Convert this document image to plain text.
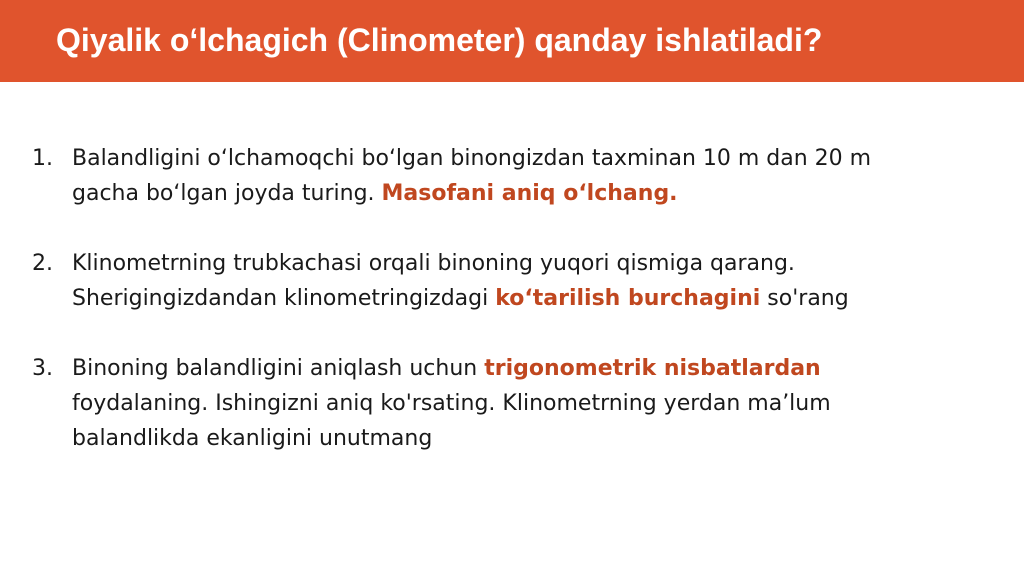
Qiyalik o‘lchagich (Clinometer) qanday ishlatiladi?
1. Balandligini o‘lchamoqchi bo‘lgan binongizdan taxminan 10 m dan 20 m
gacha bo‘lgan joyda turing. Masofani aniq o‘lchang.
2. Klinometrning trubkachasi orqali binoning yuqori qismiga qarang.
Sherigingizdandan klinometringizdagi ko‘tarilish burchagini so'rang
3. Binoning balandligini aniqlash uchun trigonometrik nisbatlardan
foydalaning. Ishingizni aniq ko'rsating. Klinometrning yerdan ma’lum
balandlikda ekanligini unutmang
